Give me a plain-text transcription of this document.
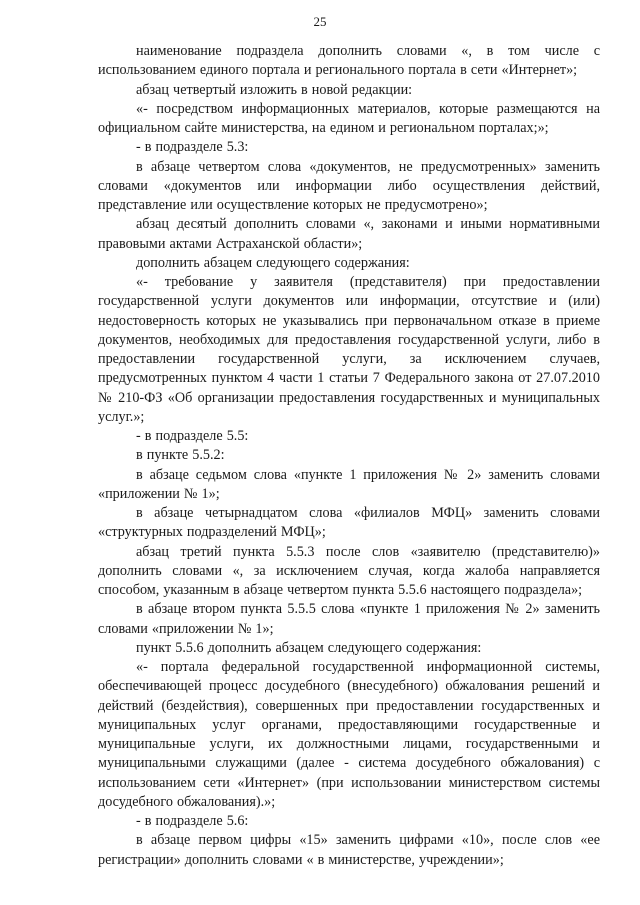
25

наименование подраздела дополнить словами «, в том числе с использованием единого портала и регионального портала в сети «Интернет»;

абзац четвертый изложить в новой редакции:

«- посредством информационных материалов, которые размещаются на официальном сайте министерства, на едином и региональном порталах;»;

- в подразделе 5.3:

в абзаце четвертом слова «документов, не предусмотренных» заменить словами «документов или информации либо осуществления действий, представление или осуществление которых не предусмотрено»;

абзац десятый дополнить словами «, законами и иными нормативными правовыми актами Астраханской области»;

дополнить абзацем следующего содержания:

«- требование у заявителя (представителя) при предоставлении государственной услуги документов или информации, отсутствие и (или) недостоверность которых не указывались при первоначальном отказе в приеме документов, необходимых для предоставления государственной услуги, либо в предоставлении государственной услуги, за исключением случаев, предусмотренных пунктом 4 части 1 статьи 7 Федерального закона от 27.07.2010 № 210-ФЗ «Об организации предоставления государственных и муниципальных услуг.»;

- в подразделе 5.5:

в пункте 5.5.2:

в абзаце седьмом слова «пункте 1 приложения № 2» заменить словами «приложении № 1»;

в абзаце четырнадцатом слова «филиалов МФЦ» заменить словами «структурных подразделений МФЦ»;

абзац третий пункта 5.5.3 после слов «заявителю (представителю)» дополнить словами «, за исключением случая, когда жалоба направляется способом, указанным в абзаце четвертом пункта 5.5.6 настоящего подраздела»;

в абзаце втором пункта 5.5.5 слова «пункте 1 приложения № 2» заменить словами «приложении № 1»;

пункт 5.5.6 дополнить абзацем следующего содержания:

«- портала федеральной государственной информационной системы, обеспечивающей процесс досудебного (внесудебного) обжалования решений и действий (бездействия), совершенных при предоставлении государственных и муниципальных услуг органами, предоставляющими государственные и муниципальные услуги, их должностными лицами, государственными и муниципальными служащими (далее - система досудебного обжалования) с использованием сети «Интернет» (при использовании министерством системы досудебного обжалования).»;

- в подразделе 5.6:

в абзаце первом цифры «15» заменить цифрами «10», после слов «ее регистрации» дополнить словами « в министерстве, учреждении»;
